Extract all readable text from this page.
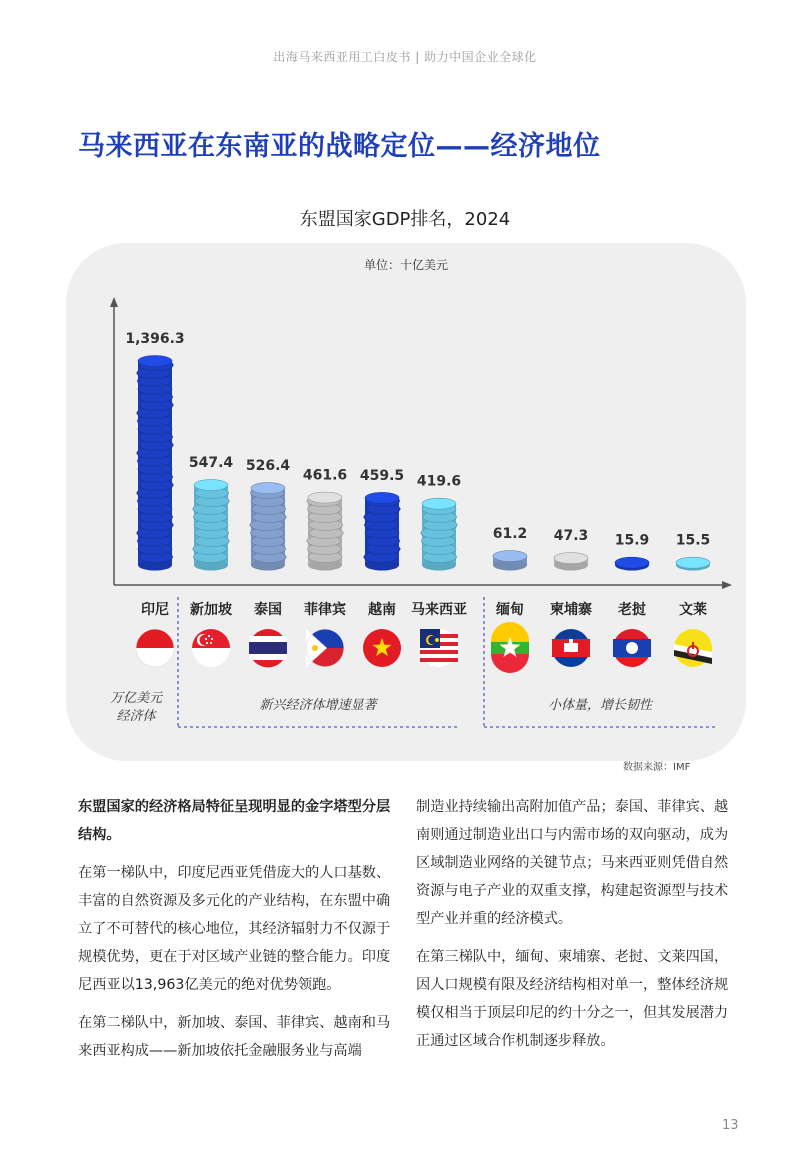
出海马来西亚用工白皮书 | 助力中国企业全球化
马来西亚在东南亚的战略定位——经济地位
东盟国家GDP排名，2024
单位：十亿美元
1,396.3
547.4 526.4
461.6 459.5 419.6
61.2 47.3 15.9 15.5
印尼 新加坡 泰国 菲律宾 越南 马来西亚 缅甸 柬埔寨 老挝 文莱
万亿美元
经济体
新兴经济体增速显著	小体量，增长韧性
数据来源：IMF

东盟国家的经济格局特征呈现明显的金字塔型分层结构。

在第一梯队中，印度尼西亚凭借庞大的人口基数、丰富的自然资源及多元化的产业结构，在东盟中确立了不可替代的核心地位，其经济辐射力不仅源于规模优势，更在于对区域产业链的整合能力。印度尼西亚以13,963亿美元的绝对优势领跑。

在第二梯队中，新加坡、泰国、菲律宾、越南和马来西亚构成——新加坡依托金融服务业与高端

制造业持续输出高附加值产品；泰国、菲律宾、越南则通过制造业出口与内需市场的双向驱动，成为区域制造业网络的关键节点；马来西亚则凭借自然资源与电子产业的双重支撑，构建起资源型与技术型产业并重的经济模式。

在第三梯队中，缅甸、柬埔寨、老挝、文莱四国，因人口规模有限及经济结构相对单一，整体经济规模仅相当于顶层印尼的约十分之一，但其发展潜力正通过区域合作机制逐步释放。

13
